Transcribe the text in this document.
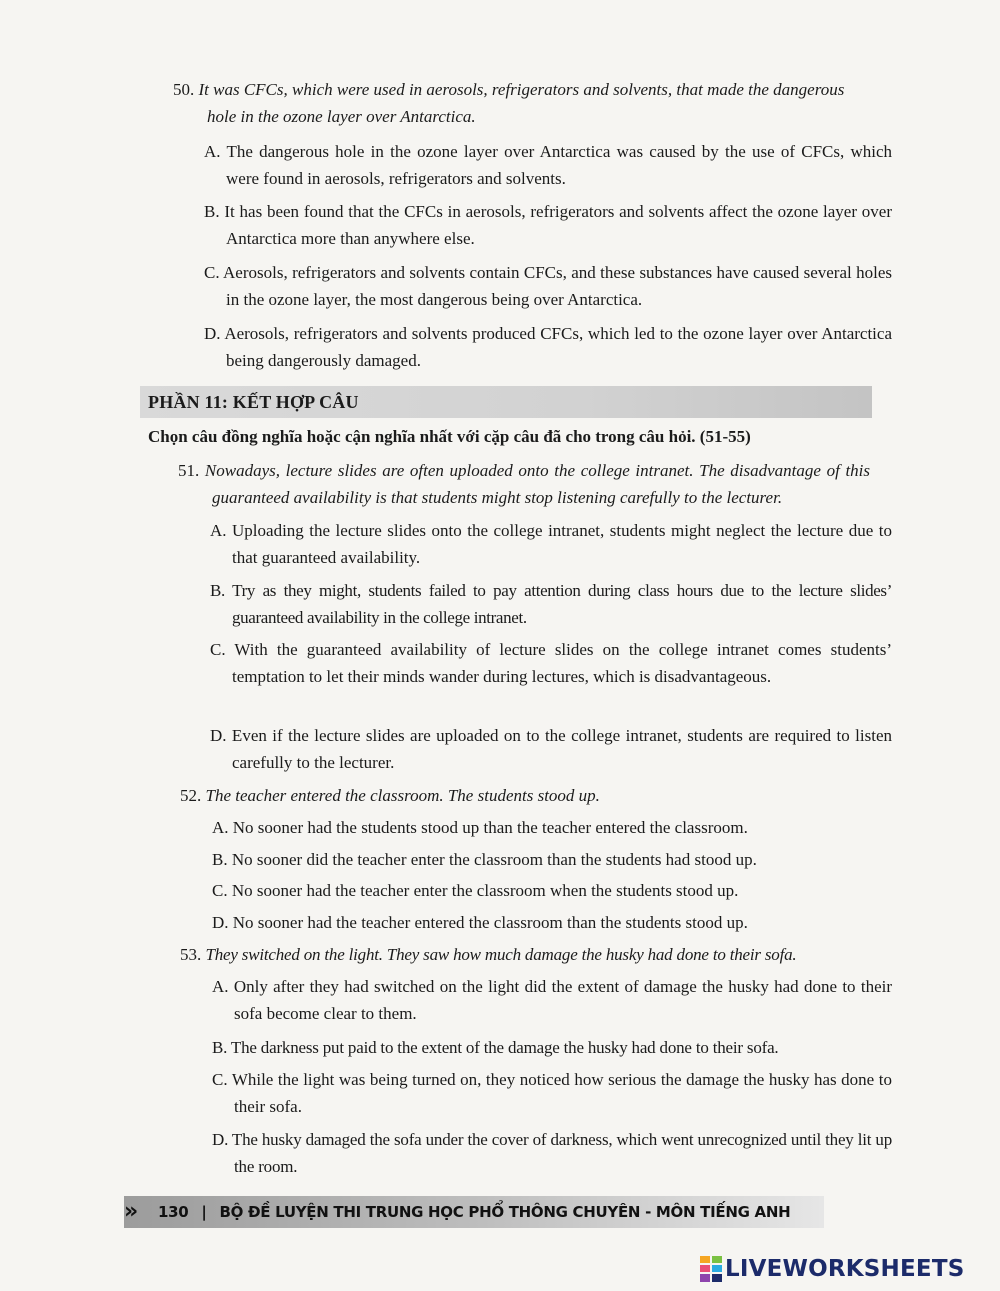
50. It was CFCs, which were used in aerosols, refrigerators and solvents, that made the dangerous hole in the ozone layer over Antarctica.
A. The dangerous hole in the ozone layer over Antarctica was caused by the use of CFCs, which were found in aerosols, refrigerators and solvents.
B. It has been found that the CFCs in aerosols, refrigerators and solvents affect the ozone layer over Antarctica more than anywhere else.
C. Aerosols, refrigerators and solvents contain CFCs, and these substances have caused several holes in the ozone layer, the most dangerous being over Antarctica.
D. Aerosols, refrigerators and solvents produced CFCs, which led to the ozone layer over Antarctica being dangerously damaged.
PHẦN 11: KẾT HỢP CÂU
Chọn câu đồng nghĩa hoặc cận nghĩa nhất với cặp câu đã cho trong câu hỏi. (51-55)
51. Nowadays, lecture slides are often uploaded onto the college intranet. The disadvantage of this guaranteed availability is that students might stop listening carefully to the lecturer.
A. Uploading the lecture slides onto the college intranet, students might neglect the lecture due to that guaranteed availability.
B. Try as they might, students failed to pay attention during class hours due to the lecture slides’ guaranteed availability in the college intranet.
C. With the guaranteed availability of lecture slides on the college intranet comes students’ temptation to let their minds wander during lectures, which is disadvantageous.
D. Even if the lecture slides are uploaded on to the college intranet, students are required to listen carefully to the lecturer.
52. The teacher entered the classroom. The students stood up.
A. No sooner had the students stood up than the teacher entered the classroom.
B. No sooner did the teacher enter the classroom than the students had stood up.
C. No sooner had the teacher enter the classroom when the students stood up.
D. No sooner had the teacher entered the classroom than the students stood up.
53. They switched on the light. They saw how much damage the husky had done to their sofa.
A. Only after they had switched on the light did the extent of damage the husky had done to their sofa become clear to them.
B. The darkness put paid to the extent of the damage the husky had done to their sofa.
C. While the light was being turned on, they noticed how serious the damage the husky has done to their sofa.
D. The husky damaged the sofa under the cover of darkness, which went unrecognized until they lit up the room.
» 130 | BỘ ĐỀ LUYỆN THI TRUNG HỌC PHỔ THÔNG CHUYÊN - MÔN TIẾNG ANH
LIVEWORKSHEETS
